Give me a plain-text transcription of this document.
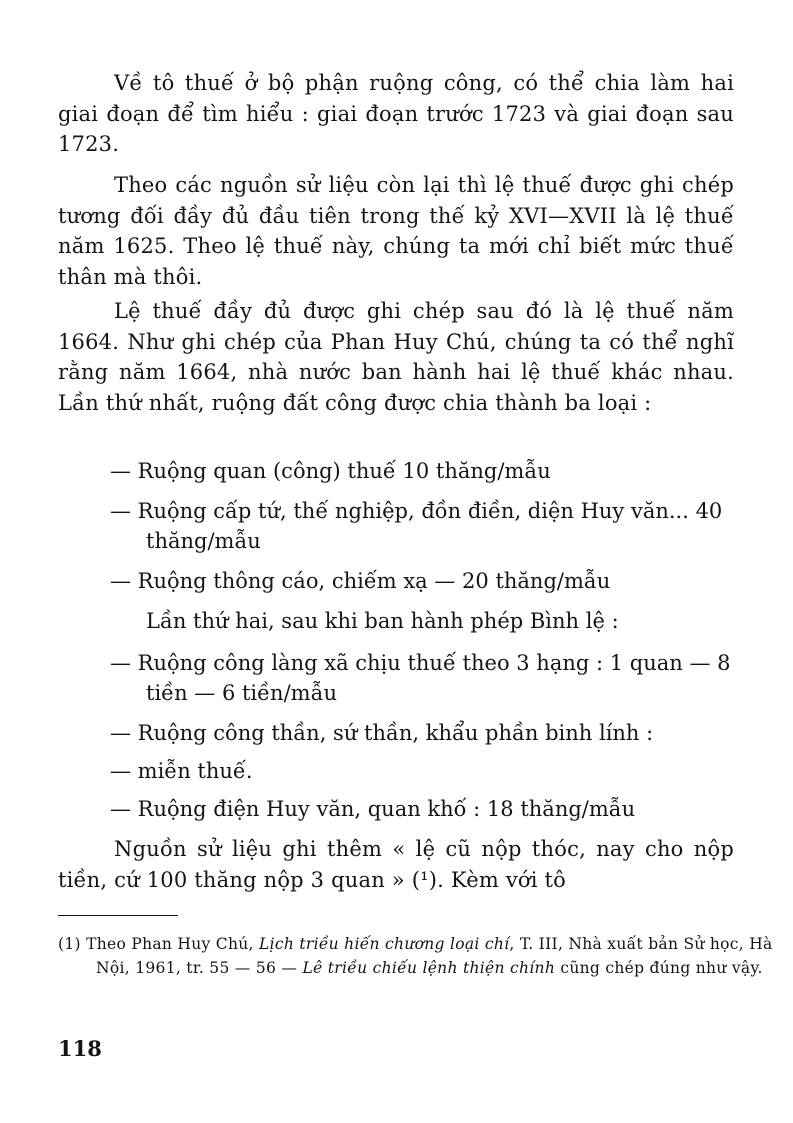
Về tô thuế ở bộ phận ruộng công, có thể chia làm hai giai đoạn để tìm hiểu : giai đoạn trước 1723 và giai đoạn sau 1723.
Theo các nguồn sử liệu còn lại thì lệ thuế được ghi chép tương đối đầy đủ đầu tiên trong thế kỷ XVI—XVII là lệ thuế năm 1625. Theo lệ thuế này, chúng ta mới chỉ biết mức thuế thân mà thôi.
Lệ thuế đầy đủ được ghi chép sau đó là lệ thuế năm 1664. Như ghi chép của Phan Huy Chú, chúng ta có thể nghĩ rằng năm 1664, nhà nước ban hành hai lệ thuế khác nhau. Lần thứ nhất, ruộng đất công được chia thành ba loại :
— Ruộng quan (công) thuế 10 thăng/mẫu
— Ruộng cấp tứ, thế nghiệp, đồn điền, diện Huy văn... 40 thăng/mẫu
— Ruộng thông cáo, chiếm xạ — 20 thăng/mẫu
Lần thứ hai, sau khi ban hành phép Bình lệ :
— Ruộng công làng xã chịu thuế theo 3 hạng : 1 quan — 8 tiền — 6 tiền/mẫu
— Ruộng công thần, sứ thần, khẩu phần binh lính :
— miễn thuế.
— Ruộng điện Huy văn, quan khố : 18 thăng/mẫu
Nguồn sử liệu ghi thêm « lệ cũ nộp thóc, nay cho nộp tiền, cứ 100 thăng nộp 3 quan » (¹). Kèm với tô
(1) Theo Phan Huy Chú, Lịch triều hiến chương loại chí, T. III, Nhà xuất bản Sử học, Hà Nội, 1961, tr. 55 — 56 — Lê triều chiếu lệnh thiện chính cũng chép đúng như vậy.
118
